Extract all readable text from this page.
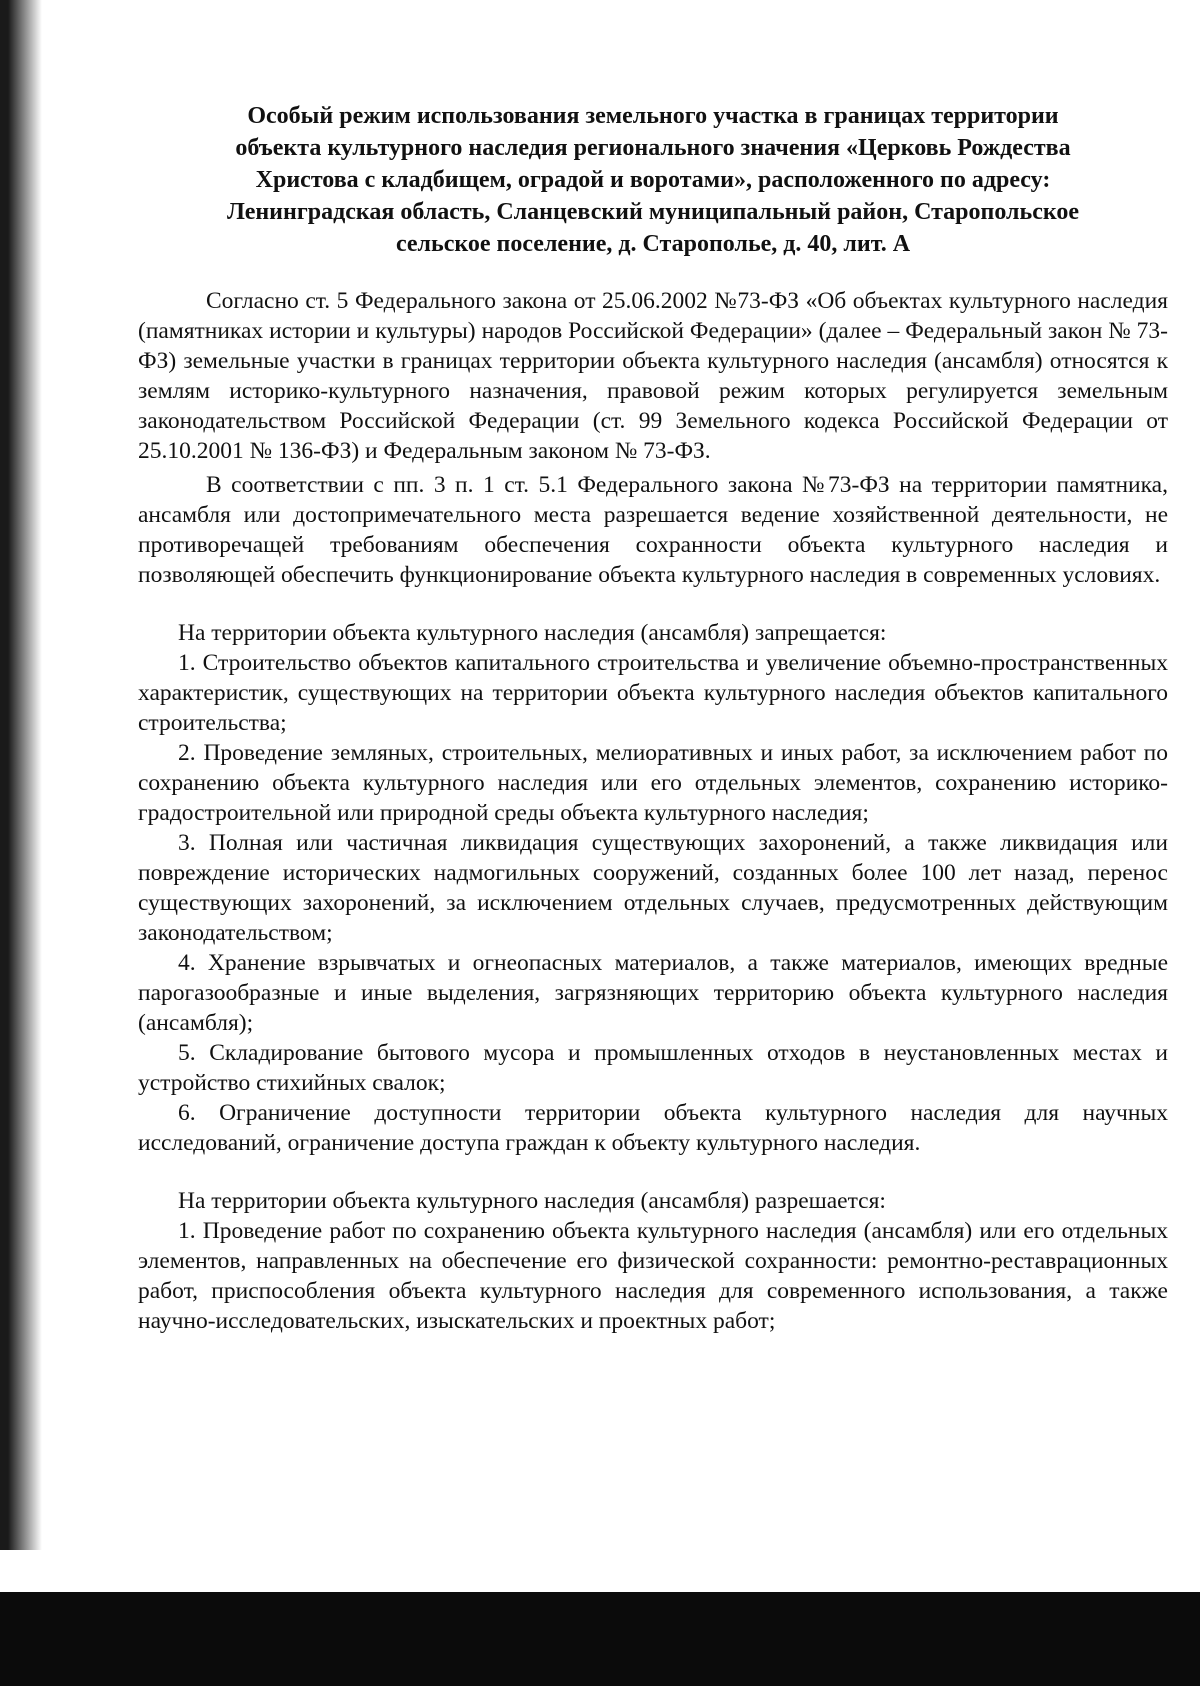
Особый режим использования земельного участка в границах территории
объекта культурного наследия регионального значения «Церковь Рождества
Христова с кладбищем, оградой и воротами», расположенного по адресу:
Ленинградская область, Сланцевский муниципальный район, Старопольское
сельское поселение, д. Старополье, д. 40, лит. А

Согласно ст. 5 Федерального закона от 25.06.2002 №73-ФЗ «Об объектах культурного наследия (памятниках истории и культуры) народов Российской Федерации» (далее – Федеральный закон № 73-ФЗ) земельные участки в границах территории объекта культурного наследия (ансамбля) относятся к землям историко-культурного назначения, правовой режим которых регулируется земельным законодательством Российской Федерации (ст. 99 Земельного кодекса Российской Федерации от 25.10.2001 № 136-ФЗ) и Федеральным законом № 73-ФЗ.

В соответствии с пп. 3 п. 1 ст. 5.1 Федерального закона №73-ФЗ на территории памятника, ансамбля или достопримечательного места разрешается ведение хозяйственной деятельности, не противоречащей требованиям обеспечения сохранности объекта культурного наследия и позволяющей обеспечить функционирование объекта культурного наследия в современных условиях.

На территории объекта культурного наследия (ансамбля) запрещается:

1. Строительство объектов капитального строительства и увеличение объемно-пространственных характеристик, существующих на территории объекта культурного наследия объектов капитального строительства;

2. Проведение земляных, строительных, мелиоративных и иных работ, за исключением работ по сохранению объекта культурного наследия или его отдельных элементов, сохранению историко-градостроительной или природной среды объекта культурного наследия;

3. Полная или частичная ликвидация существующих захоронений, а также ликвидация или повреждение исторических надмогильных сооружений, созданных более 100 лет назад, перенос существующих захоронений, за исключением отдельных случаев, предусмотренных действующим законодательством;

4. Хранение взрывчатых и огнеопасных материалов, а также материалов, имеющих вредные парогазообразные и иные выделения, загрязняющих территорию объекта культурного наследия (ансамбля);

5. Складирование бытового мусора и промышленных отходов в неустановленных местах и устройство стихийных свалок;

6. Ограничение доступности территории объекта культурного наследия для научных исследований, ограничение доступа граждан к объекту культурного наследия.

На территории объекта культурного наследия (ансамбля) разрешается:

1. Проведение работ по сохранению объекта культурного наследия (ансамбля) или его отдельных элементов, направленных на обеспечение его физической сохранности: ремонтно-реставрационных работ, приспособления объекта культурного наследия для современного использования, а также научно-исследовательских, изыскательских и проектных работ;
